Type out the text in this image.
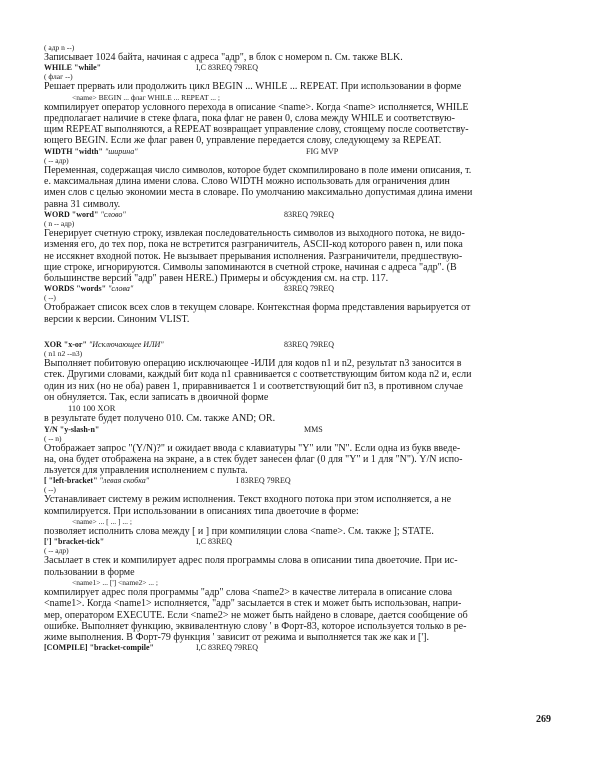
( адр n --)

Записывает 1024 байта, начиная с адреса "адр", в блок с номером n. См. также BLK.

WHILE "while"	I,C 83REQ 79REQ
( флаг --)

Решает прервать или продолжить цикл BEGIN ... WHILE ... REPEAT. При использовании в форме

<name> BEGIN ... флаг WHILE ... REPEAT ... ;

компилирует оператор условного перехода в описание <name>. Когда <name> исполняется, WHILE

предполагает наличие в стеке флага, пока флаг не равен 0, слова между WHILE и соответствую-

щим REPEAT выполняются, а REPEAT возвращает управление слову, стоящему после соответству-

ющего BEGIN. Если же флаг равен 0, управление передается слову, следующему за REPEAT.

WIDTH "width" "ширина"	FIG MVP
( -- адр)

Переменная, содержащая число символов, которое будет скомпилировано в поле имени описания, т.

е. максимальная длина имени слова. Слово WIDTH можно использовать для ограничения длин

имен слов с целью экономии места в словаре. По умолчанию максимально допустимая длина имени

равна 31 символу.

WORD "word" "слово"	83REQ 79REQ
( n -- адр)

Генерирует счетную строку, извлекая последовательность символов из выходного потока, не видо-

изменяя его, до тех пор, пока не встретится разграничитель, ASCII-код которого равен n, или пока

не иссякнет входной поток. Не вызывает прерывания исполнения. Разграничители, предшествую-

щие строке, игнорируются. Символы запоминаются в счетной строке, начиная с адреса "адр". (В

большинстве версий "адр" равен HERE.) Примеры и обсуждения см. на стр. 117.

WORDS "words" "слова"	83REQ 79REQ
( --)

Отображает список всех слов в текущем словаре. Контекстная форма представления варьируется от

версии к версии. Синоним VLIST.

XOR "x-or" "Исключающее ИЛИ"	83REQ 79REQ
( n1 n2 --n3)

Выполняет побитовую операцию исключающее -ИЛИ для кодов n1 и n2, результат n3 заносится в

стек. Другими словами, каждый бит кода n1 сравнивается с соответствующим битом кода n2 и, если

один из них (но не оба) равен 1, приравнивается 1 и соответствующий бит n3, в противном случае

он обнуляется. Так, если записать в двоичной форме

110 100 XOR

в результате будет получено 010. См. также AND; OR.

Y/N "y-slash-n"	MMS
( -- n)

Отображает запрос "(Y/N)?" и ожидает ввода с клавиатуры "Y" или "N". Если одна из букв введе-

на, она будет отображена на экране, а в стек будет занесен флаг (0 для "Y" и 1 для "N"). Y/N испо-

льзуется для управления исполнением с пульта.

[ "left-bracket" "левая скобка"	I 83REQ 79REQ
( --)

Устанавливает систему в режим исполнения. Текст входного потока при этом исполняется, а не

компилируется. При использовании в описаниях типа двоеточие в форме:

<name> ... [ ... ] ... ;

позволяет исполнить слова между [ и ] при компиляции слова <name>. См. также ]; STATE.

['] "bracket-tick"	I,C 83REQ
( -- адр)

Засылает в стек и компилирует адрес поля программы слова в описании типа двоеточие. При ис-

пользовании в форме

<name1> ... ['] <name2> ... ;

компилирует адрес поля программы "адр" слова <name2> в качестве литерала в описание слова

<name1>. Когда <name1> исполняется, "адр" засылается в стек и может быть использован, напри-

мер, оператором EXECUTE. Если <name2> не может быть найдено в словаре, дается сообщение об

ошибке. Выполняет функцию, эквивалентную слову ' в Форт-83, которое используется только в ре-

жиме выполнения. В Форт-79 функция ' зависит от режима и выполняется так же как и ['].

[COMPILE] "bracket-compile"	I,C 83REQ 79REQ
269
